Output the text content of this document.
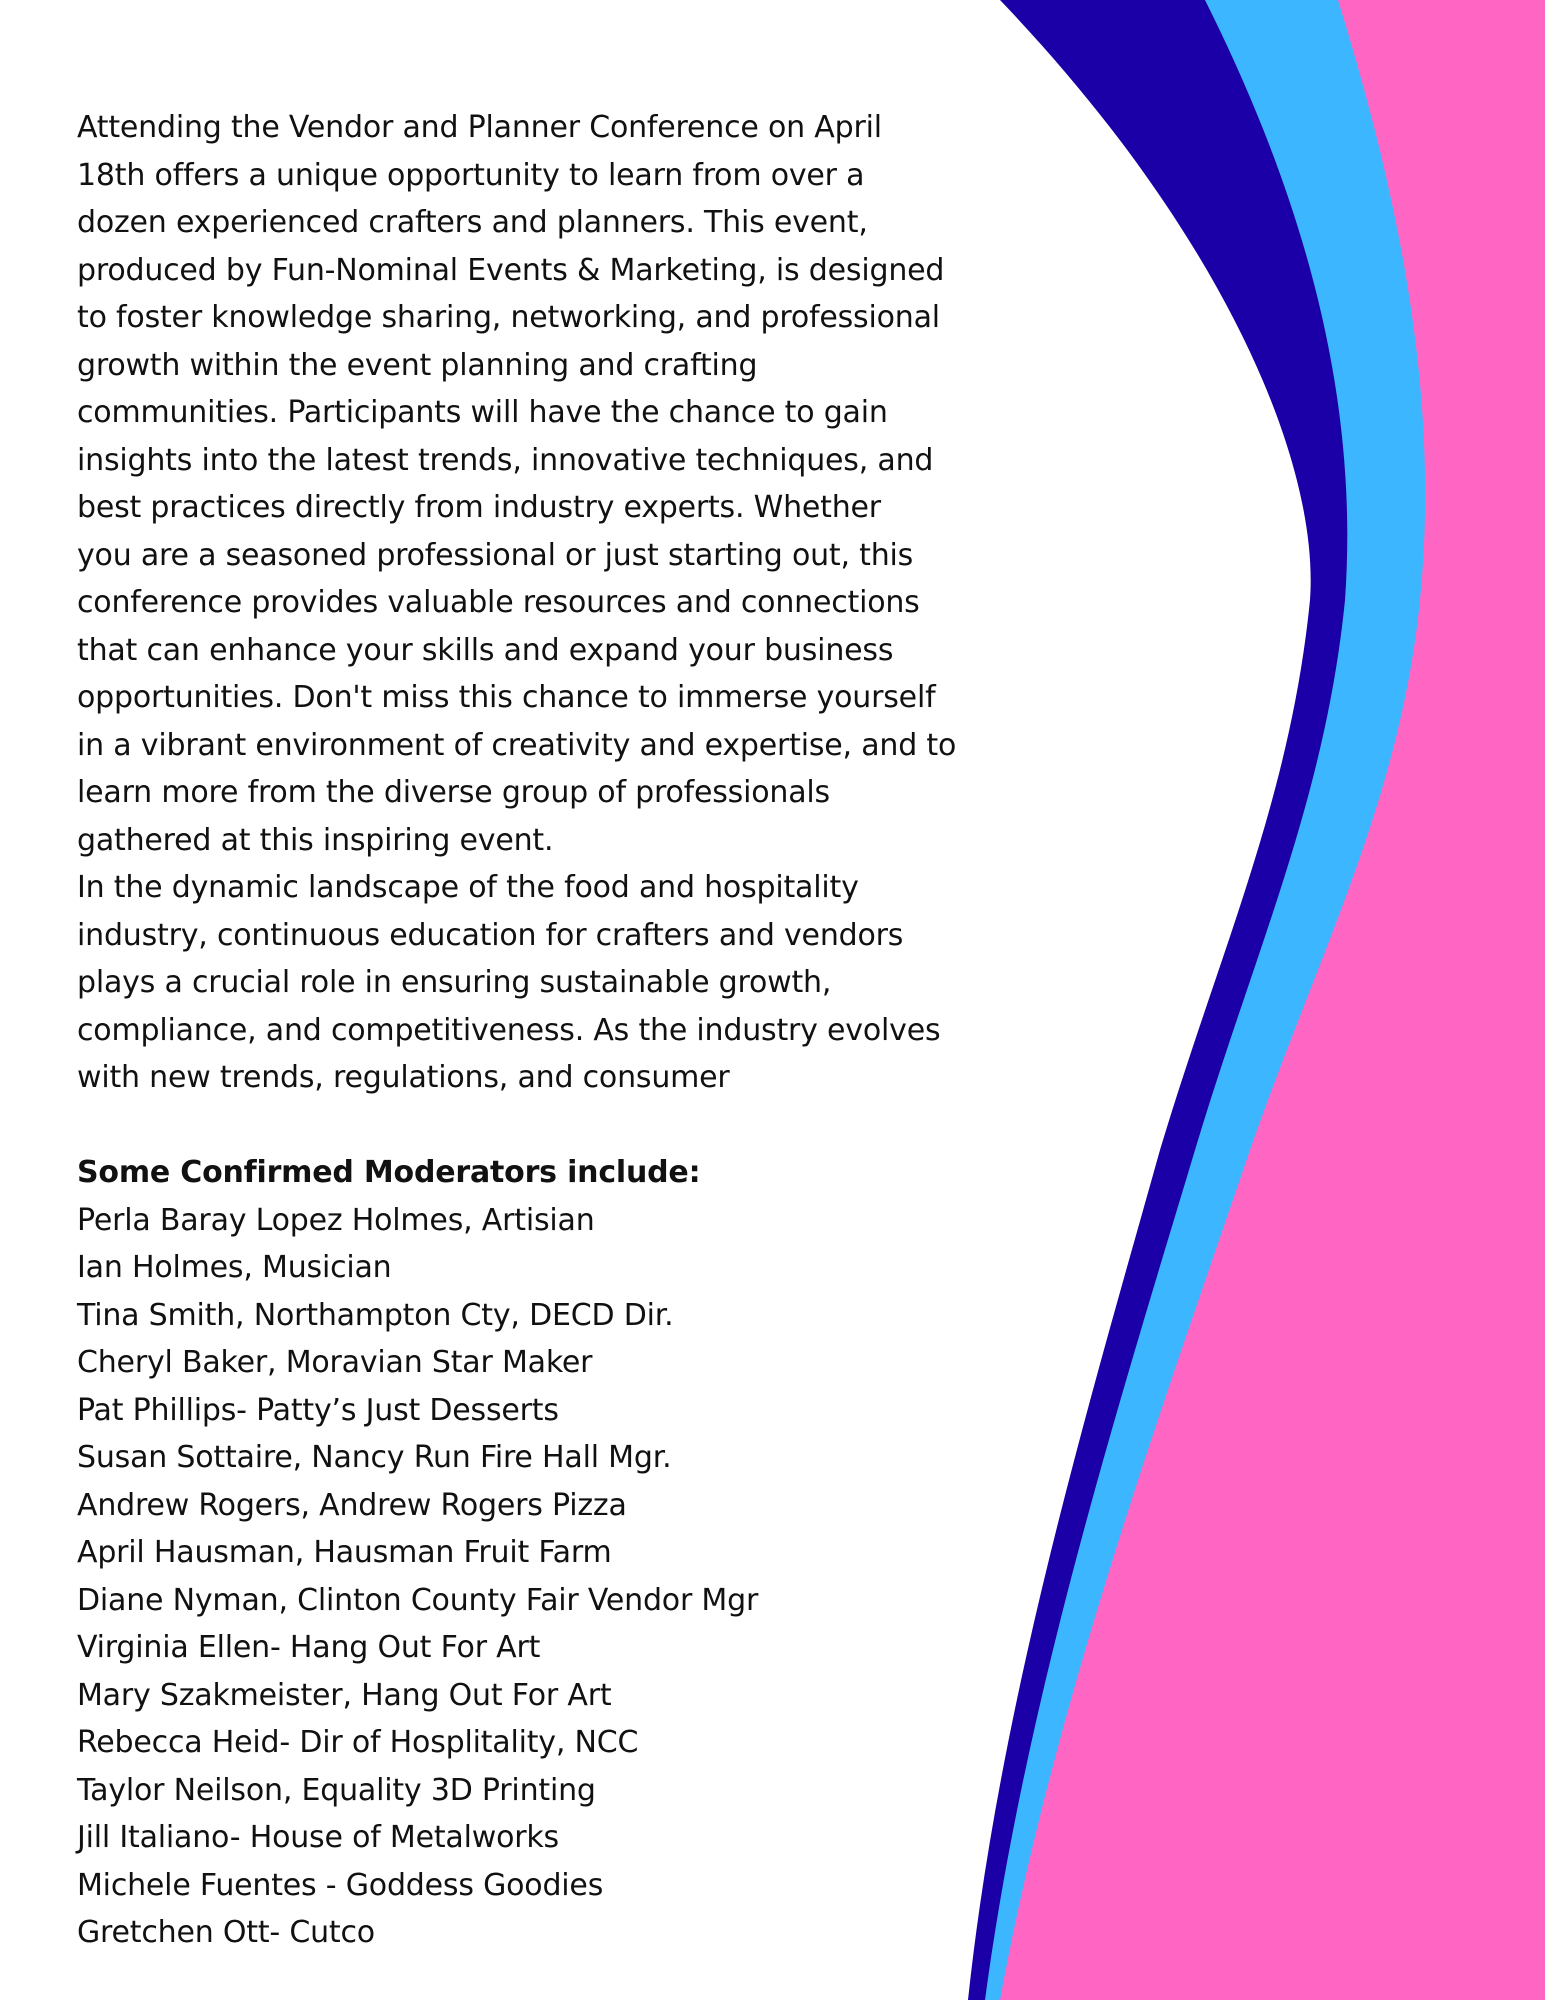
Attending the Vendor and Planner Conference on April
18th offers a unique opportunity to learn from over a
dozen experienced crafters and planners. This event,
produced by Fun-Nominal Events & Marketing, is designed
to foster knowledge sharing, networking, and professional
growth within the event planning and crafting
communities. Participants will have the chance to gain
insights into the latest trends, innovative techniques, and
best practices directly from industry experts. Whether
you are a seasoned professional or just starting out, this
conference provides valuable resources and connections
that can enhance your skills and expand your business
opportunities. Don't miss this chance to immerse yourself
in a vibrant environment of creativity and expertise, and to
learn more from the diverse group of professionals
gathered at this inspiring event.

In the dynamic landscape of the food and hospitality
industry, continuous education for crafters and vendors
plays a crucial role in ensuring sustainable growth,
compliance, and competitiveness. As the industry evolves
with new trends, regulations, and consumer

Some Confirmed Moderators include:

Perla Baray Lopez Holmes, Artisian
Ian Holmes, Musician
Tina Smith, Northampton Cty, DECD Dir.
Cheryl Baker, Moravian Star Maker
Pat Phillips- Patty’s Just Desserts
Susan Sottaire, Nancy Run Fire Hall Mgr.
Andrew Rogers, Andrew Rogers Pizza
April Hausman, Hausman Fruit Farm
Diane Nyman, Clinton County Fair Vendor Mgr
Virginia Ellen- Hang Out For Art
Mary Szakmeister, Hang Out For Art
Rebecca Heid- Dir of Hosplitality, NCC
Taylor Neilson, Equality 3D Printing
Jill Italiano- House of Metalworks
Michele Fuentes - Goddess Goodies
Gretchen Ott- Cutco
